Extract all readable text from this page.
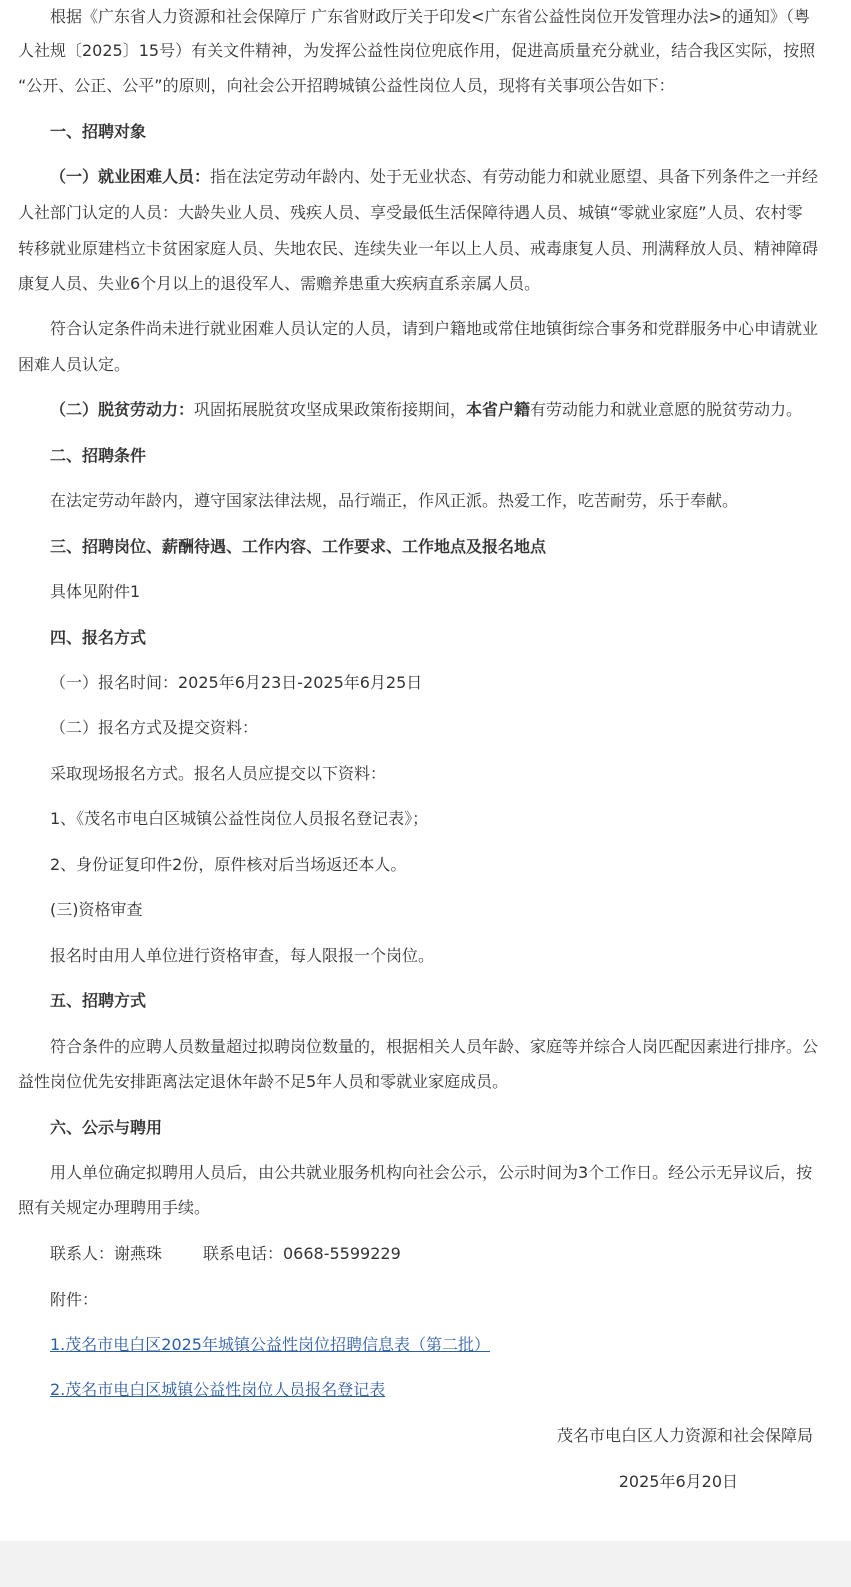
根据《广东省人力资源和社会保障厅 广东省财政厅关于印发<广东省公益性岗位开发管理办法>的通知》（粤
人社规〔2025〕15号）有关文件精神，为发挥公益性岗位兜底作用，促进高质量充分就业，结合我区实际，按照
“公开、公正、公平”的原则，向社会公开招聘城镇公益性岗位人员，现将有关事项公告如下：
一、招聘对象
（一）就业困难人员：指在法定劳动年龄内、处于无业状态、有劳动能力和就业愿望、具备下列条件之一并经
人社部门认定的人员：大龄失业人员、残疾人员、享受最低生活保障待遇人员、城镇“零就业家庭”人员、农村零
转移就业原建档立卡贫困家庭人员、失地农民、连续失业一年以上人员、戒毒康复人员、刑满释放人员、精神障碍
康复人员、失业6个月以上的退役军人、需赡养患重大疾病直系亲属人员。
符合认定条件尚未进行就业困难人员认定的人员，请到户籍地或常住地镇街综合事务和党群服务中心申请就业
困难人员认定。
（二）脱贫劳动力：巩固拓展脱贫攻坚成果政策衔接期间，本省户籍有劳动能力和就业意愿的脱贫劳动力。
二、招聘条件
在法定劳动年龄内，遵守国家法律法规，品行端正，作风正派。热爱工作，吃苦耐劳，乐于奉献。
三、招聘岗位、薪酬待遇、工作内容、工作要求、工作地点及报名地点
具体见附件1
四、报名方式
（一）报名时间：2025年6月23日-2025年6月25日
（二）报名方式及提交资料：
采取现场报名方式。报名人员应提交以下资料：
1、《茂名市电白区城镇公益性岗位人员报名登记表》；
2、身份证复印件2份，原件核对后当场返还本人。
(三)资格审查
报名时由用人单位进行资格审查，每人限报一个岗位。
五、招聘方式
符合条件的应聘人员数量超过拟聘岗位数量的，根据相关人员年龄、家庭等并综合人岗匹配因素进行排序。公
益性岗位优先安排距离法定退休年龄不足5年人员和零就业家庭成员。
六、公示与聘用
用人单位确定拟聘用人员后，由公共就业服务机构向社会公示，公示时间为3个工作日。经公示无异议后，按
照有关规定办理聘用手续。
联系人：谢燕珠	联系电话：0668-5599229
附件：
1.茂名市电白区2025年城镇公益性岗位招聘信息表（第二批）
2.茂名市电白区城镇公益性岗位人员报名登记表
茂名市电白区人力资源和社会保障局
2025年6月20日
